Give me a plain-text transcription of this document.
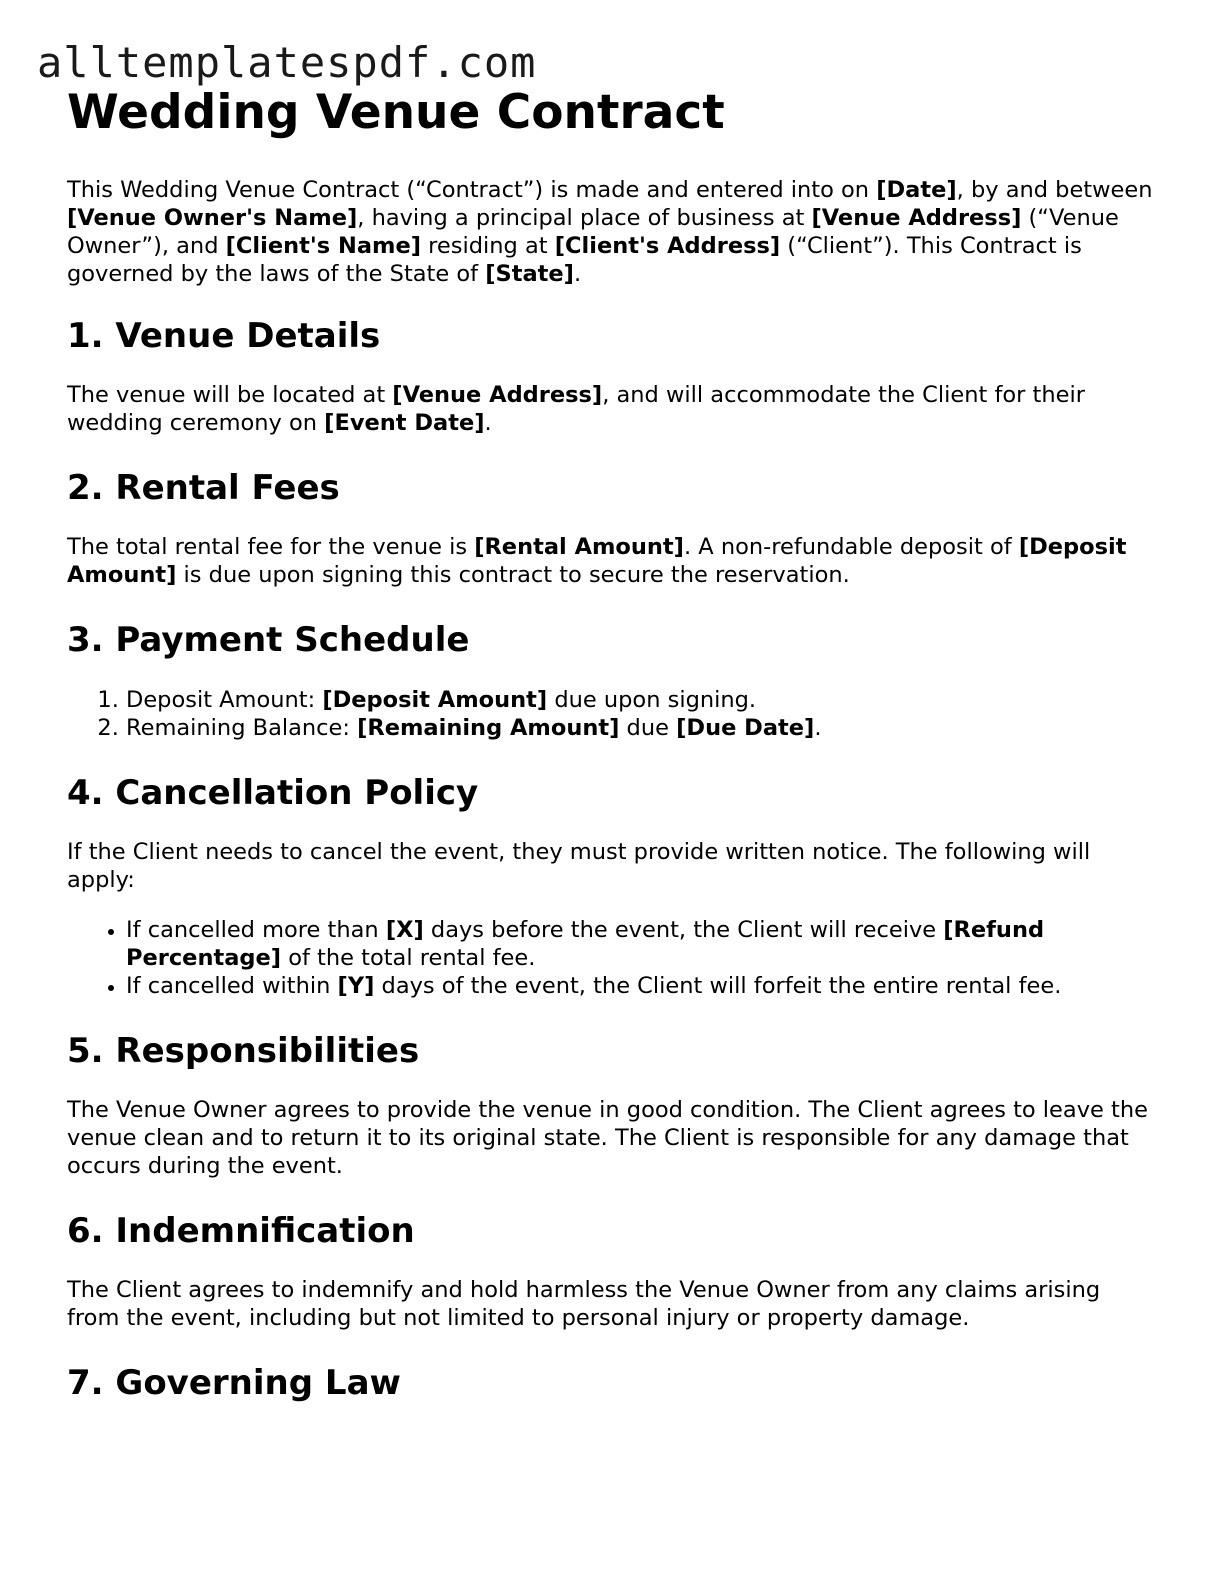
alltemplatespdf.com
Wedding Venue Contract

This Wedding Venue Contract (“Contract”) is made and entered into on [Date], by and between [Venue Owner's Name], having a principal place of business at [Venue Address] (“Venue Owner”), and [Client's Name] residing at [Client's Address] (“Client”). This Contract is governed by the laws of the State of [State].

1. Venue Details

The venue will be located at [Venue Address], and will accommodate the Client for their wedding ceremony on [Event Date].

2. Rental Fees

The total rental fee for the venue is [Rental Amount]. A non-refundable deposit of [Deposit Amount] is due upon signing this contract to secure the reservation.

3. Payment Schedule
1. Deposit Amount: [Deposit Amount] due upon signing.
2. Remaining Balance: [Remaining Amount] due [Due Date].
4. Cancellation Policy

If the Client needs to cancel the event, they must provide written notice. The following will apply:

• If cancelled more than [X] days before the event, the Client will receive [Refund Percentage] of the total rental fee.
• If cancelled within [Y] days of the event, the Client will forfeit the entire rental fee.
5. Responsibilities

The Venue Owner agrees to provide the venue in good condition. The Client agrees to leave the venue clean and to return it to its original state. The Client is responsible for any damage that occurs during the event.

6. Indemnification

The Client agrees to indemnify and hold harmless the Venue Owner from any claims arising from the event, including but not limited to personal injury or property damage.

7. Governing Law
